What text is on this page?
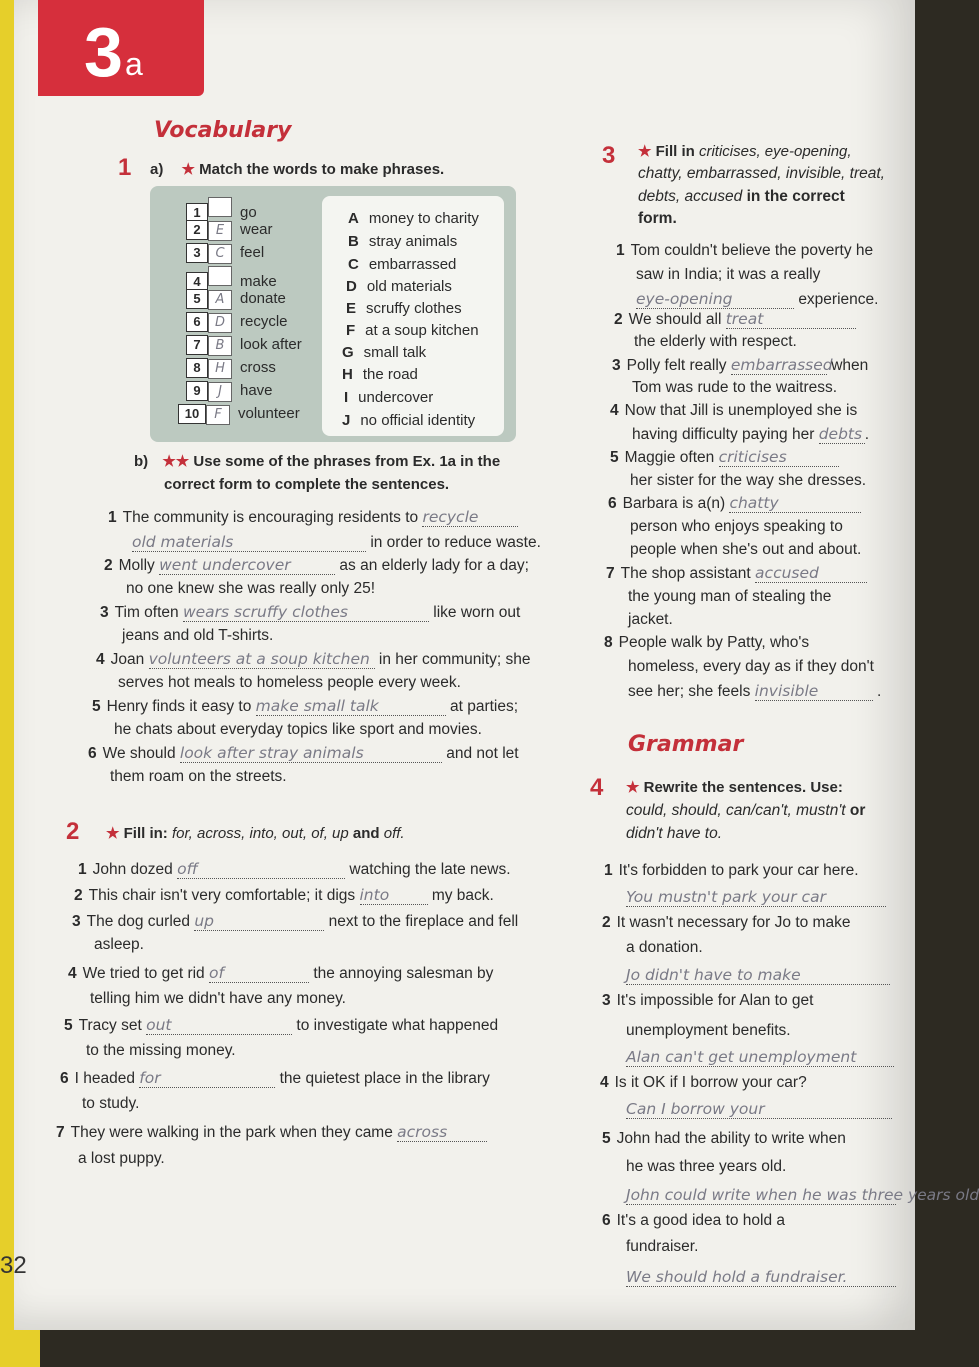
3 a
Vocabulary
1 a) ★ Match the words to make phrases.
1	go
2 E wear
3 C feel
4	make
5 A donate
6 D recycle
7 B look after
8 H cross
9 J have
10 F volunteer
A money to charity
B stray animals
C embarrassed
D old materials
E scruffy clothes
F at a soup kitchen
G small talk
H the road
I undercover
J no official identity
b) ★★ Use some of the phrases from Ex. 1a in the
correct form to complete the sentences.
1 The community is encouraging residents to recycle
old materials	in order to reduce waste.
2 Molly went undercover	as an elderly lady for a day;
no one knew she was really only 25!
3 Tim often wears scruffy clothes	like worn out
jeans and old T-shirts.
4 Joan volunteers at a soup kitchen in her community; she
serves hot meals to homeless people every week.
5 Henry finds it easy to make small talk	at parties;
he chats about everyday topics like sport and movies.
6 We should look after stray animals	and not let
them roam on the streets.
2 ★ Fill in: for, across, into, out, of, up and off.
1 John dozed off	watching the late news.
2 This chair isn't very comfortable; it digs into	my back.
3 The dog curled up	next to the fireplace and fell
asleep.
4 We tried to get rid of	the annoying salesman by
telling him we didn't have any money.
5 Tracy set out	to investigate what happened
to the missing money.
6 I headed for	the quietest place in the library
to study.
7 They were walking in the park when they came across
a lost puppy.
3 ★ Fill in criticises, eye-opening,
chatty, embarrassed, invisible, treat,
debts, accused in the correct
form.
1 Tom couldn't believe the poverty he
saw in India; it was a really
eye-opening	experience.
2 We should all treat
the elderly with respect.
3 Polly felt really embarrassed when
Tom was rude to the waitress.
4 Now that Jill is unemployed she is
having difficulty paying her debts .
5 Maggie often criticises
her sister for the way she dresses.
6 Barbara is a(n) chatty
person who enjoys speaking to
people when she's out and about.
7 The shop assistant accused
the young man of stealing the
jacket.
8 People walk by Patty, who's
homeless, every day as if they don't
see her; she feels invisible	.
Grammar
4 ★ Rewrite the sentences. Use:
could, should, can/can't, mustn't or
didn't have to.
1 It's forbidden to park your car here.
You mustn't park your car
2 It wasn't necessary for Jo to make
a donation.
Jo didn't have to make
3 It's impossible for Alan to get
unemployment benefits.
Alan can't get unemployment
4 Is it OK if I borrow your car?
Can I borrow your
5 John had the ability to write when
he was three years old.
John could write when he was three years old
6 It's a good idea to hold a
fundraiser.
We should hold a fundraiser.
32
